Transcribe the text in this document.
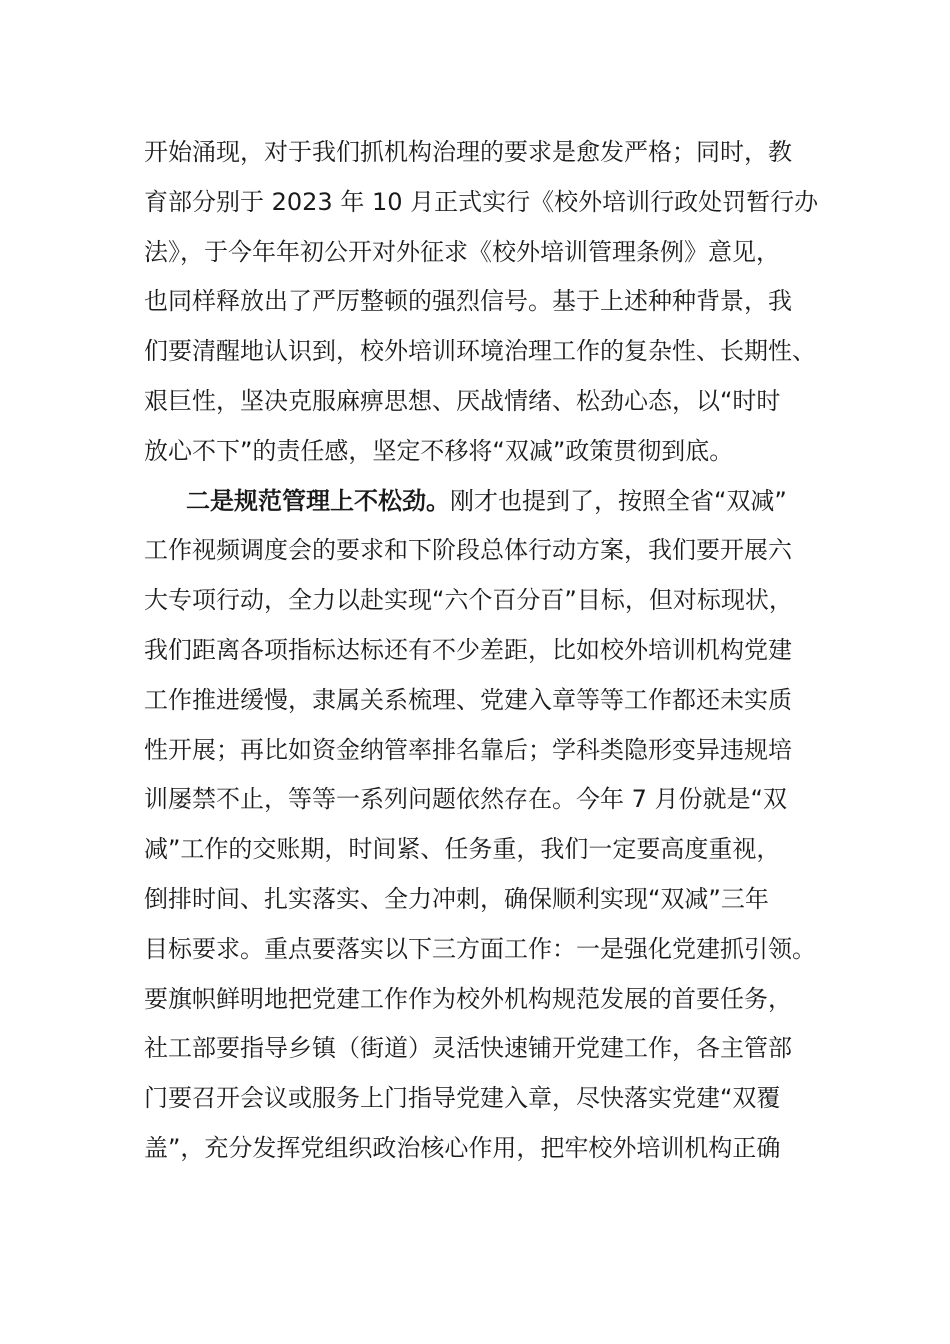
开始涌现，对于我们抓机构治理的要求是愈发严格；同时，教
育部分别于 2023 年 10 月正式实行《校外培训行政处罚暂行办
法》，于今年年初公开对外征求《校外培训管理条例》意见，
也同样释放出了严厉整顿的强烈信号。基于上述种种背景，我
们要清醒地认识到，校外培训环境治理工作的复杂性、长期性、
艰巨性，坚决克服麻痹思想、厌战情绪、松劲心态，以“时时
放心不下”的责任感，坚定不移将“双减”政策贯彻到底。
二是规范管理上不松劲。刚才也提到了，按照全省“双减”
工作视频调度会的要求和下阶段总体行动方案，我们要开展六
大专项行动，全力以赴实现“六个百分百”目标，但对标现状，
我们距离各项指标达标还有不少差距，比如校外培训机构党建
工作推进缓慢，隶属关系梳理、党建入章等等工作都还未实质
性开展；再比如资金纳管率排名靠后；学科类隐形变异违规培
训屡禁不止，等等一系列问题依然存在。今年 7 月份就是“双
减”工作的交账期，时间紧、任务重，我们一定要高度重视，
倒排时间、扎实落实、全力冲刺，确保顺利实现“双减”三年
目标要求。重点要落实以下三方面工作：一是强化党建抓引领。
要旗帜鲜明地把党建工作作为校外机构规范发展的首要任务，
社工部要指导乡镇（街道）灵活快速铺开党建工作，各主管部
门要召开会议或服务上门指导党建入章，尽快落实党建“双覆
盖”，充分发挥党组织政治核心作用，把牢校外培训机构正确
